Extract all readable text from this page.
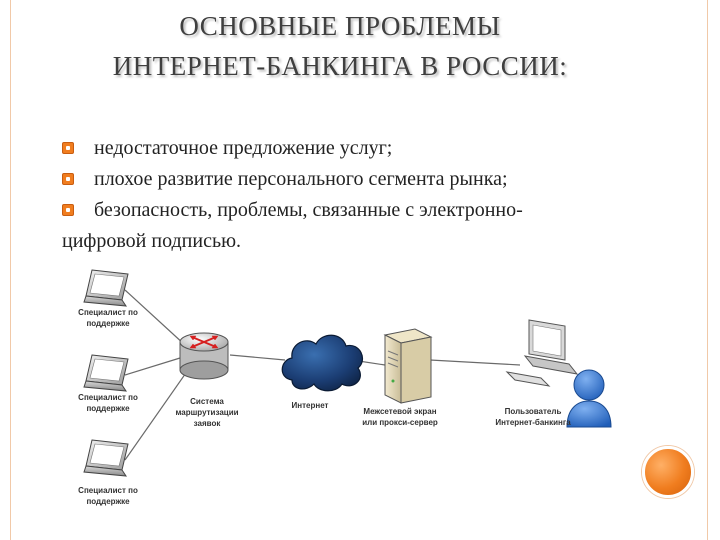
ОСНОВНЫЕ ПРОБЛЕМЫ
ИНТЕРНЕТ-БАНКИНГА В РОССИИ:
недостаточное предложение услуг;
плохое развитие персонального сегмента рынка;
безопасность, проблемы, связанные с электронно-
цифровой подписью.
Специалист по
поддержке
Специалист по
поддержке
Специалист по
поддержке
Система
маршрутизации
заявок
Интернет
Межсетевой экран
или прокси-сервер
Пользователь
Интернет-банкинга
